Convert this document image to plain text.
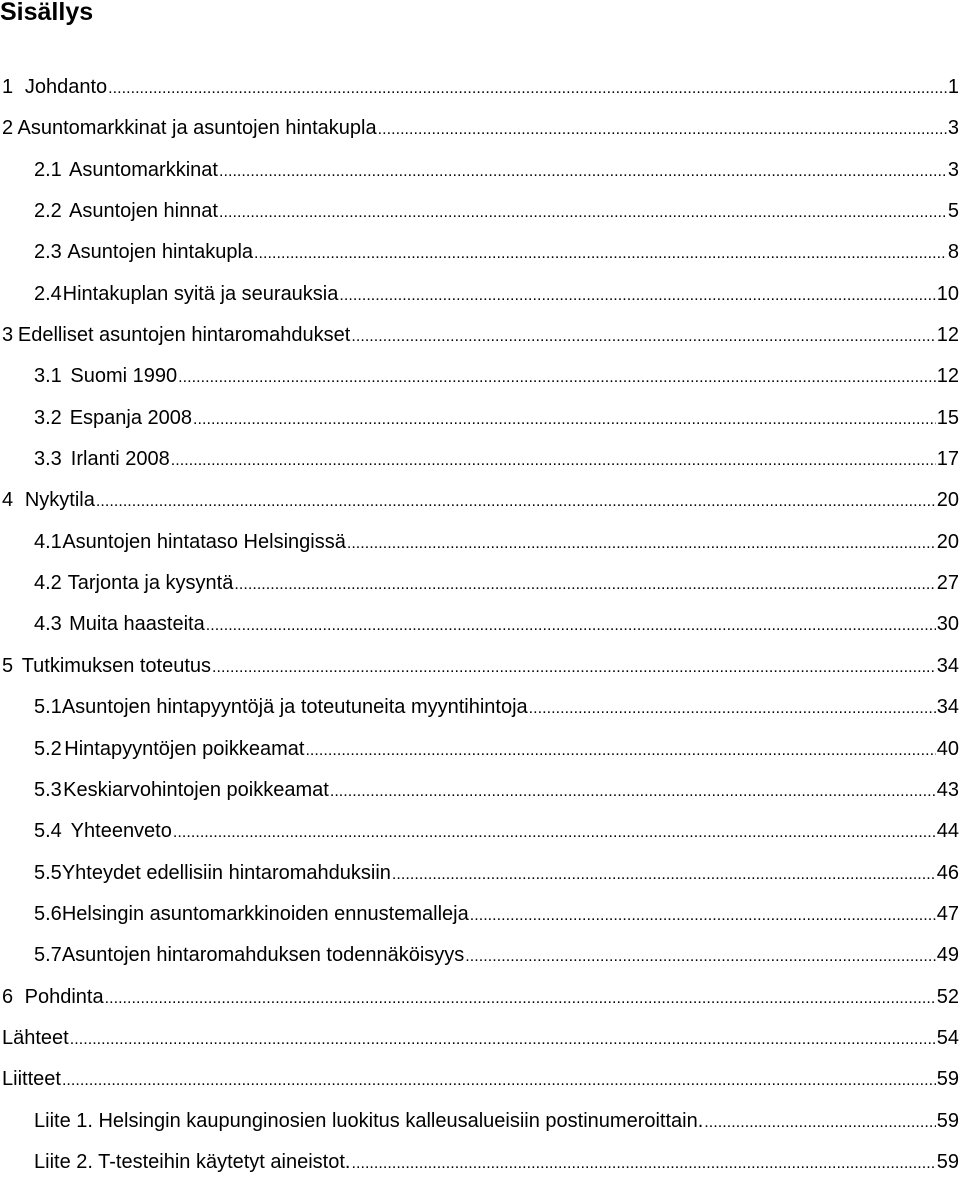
Sisällys
1 Johdanto . . .	1
2 Asuntomarkkinat ja asuntojen hintakupla . . .	3
2.1 Asuntomarkkinat . . .	3
2.2 Asuntojen hinnat . . .	5
2.3 Asuntojen hintakupla . . .	8
2.4 Hintakuplan syitä ja seurauksia . . .	10
3 Edelliset asuntojen hintaromahdukset . . .	12
3.1 Suomi 1990 . . .	12
3.2 Espanja 2008 . . .	15
3.3 Irlanti 2008 . . .	17
4 Nykytila . . .	20
4.1 Asuntojen hintataso Helsingissä . . .	20
4.2 Tarjonta ja kysyntä . . .	27
4.3 Muita haasteita . . .	30
5 Tutkimuksen toteutus . . .	34
5.1 Asuntojen hintapyyntöjä ja toteutuneita myyntihintoja . . .	34
5.2 Hintapyyntöjen poikkeamat . . .	40
5.3 Keskiarvohintojen poikkeamat . . .	43
5.4 Yhteenveto . . .	44
5.5 Yhteydet edellisiin hintaromahduksiin . . .	46
5.6 Helsingin asuntomarkkinoiden ennustemalleja . . .	47
5.7 Asuntojen hintaromahduksen todennäköisyys . . .	49
6 Pohdinta . . .	52
Lähteet . . .	54
Liitteet . . .	59
Liite 1. Helsingin kaupunginosien luokitus kalleusalueisiin postinumeroittain. . . .	59
Liite 2. T-testeihin käytetyt aineistot. . . .	59
